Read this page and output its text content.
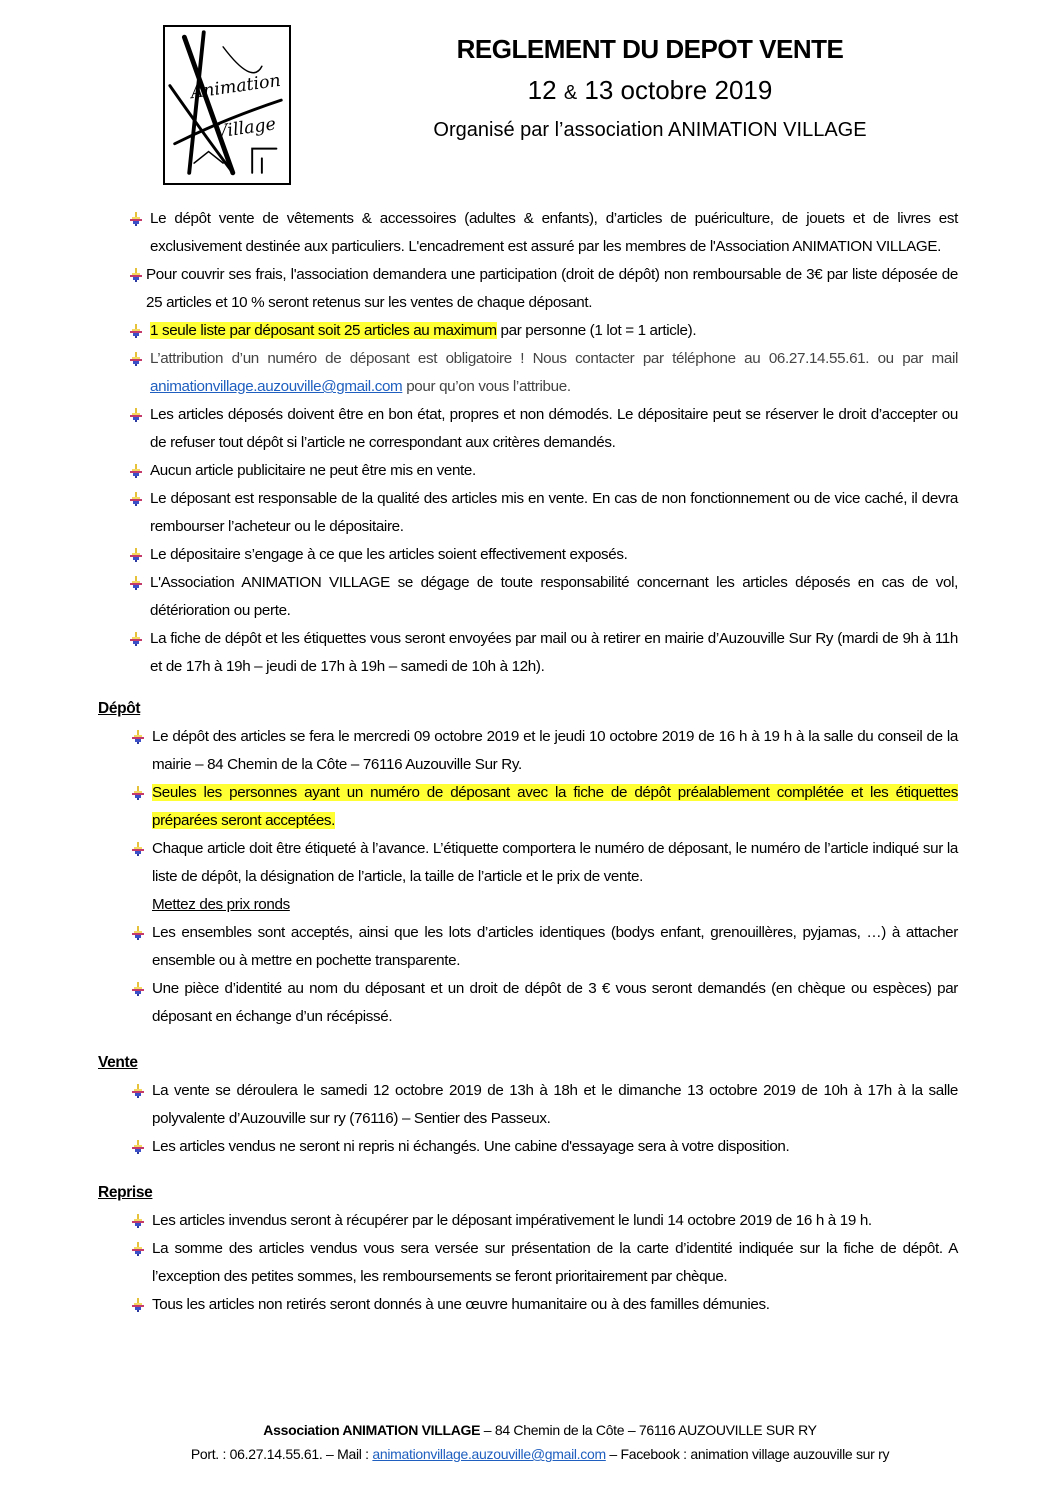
Animation
Village
REGLEMENT DU DEPOT VENTE
12 & 13 octobre 2019
Organisé par l’association ANIMATION VILLAGE
Le dépôt vente de vêtements & accessoires (adultes & enfants), d’articles de puériculture, de jouets et de livres est exclusivement destinée aux particuliers. L'encadrement est assuré par les membres de l'Association ANIMATION VILLAGE.
Pour couvrir ses frais, l'association demandera une participation (droit de dépôt) non remboursable de 3€ par liste déposée de 25 articles et 10 % seront retenus sur les ventes de chaque déposant.
1 seule liste par déposant soit 25 articles au maximum par personne (1 lot = 1 article).
L’attribution d’un numéro de déposant est obligatoire ! Nous contacter par téléphone au 06.27.14.55.61. ou par mail animationvillage.auzouville@gmail.com pour qu’on vous l’attribue.
Les articles déposés doivent être en bon état, propres et non démodés. Le dépositaire peut se réserver le droit d’accepter ou de refuser tout dépôt si l’article ne correspondant aux critères demandés.
Aucun article publicitaire ne peut être mis en vente.
Le déposant est responsable de la qualité des articles mis en vente. En cas de non fonctionnement ou de vice caché, il devra rembourser l’acheteur ou le dépositaire.
Le dépositaire s’engage à ce que les articles soient effectivement exposés.
L'Association ANIMATION VILLAGE se dégage de toute responsabilité concernant les articles déposés en cas de vol, détérioration ou perte.
La fiche de dépôt et les étiquettes vous seront envoyées par mail ou à retirer en mairie d’Auzouville Sur Ry (mardi de 9h à 11h et de 17h à 19h – jeudi de 17h à 19h – samedi de 10h à 12h).
Dépôt
Le dépôt des articles se fera le mercredi 09 octobre 2019 et le jeudi 10 octobre 2019 de 16 h à 19 h à la salle du conseil de la mairie – 84 Chemin de la Côte – 76116 Auzouville Sur Ry.
Seules les personnes ayant un numéro de déposant avec la fiche de dépôt préalablement complétée et les étiquettes préparées seront acceptées.
Chaque article doit être étiqueté à l’avance. L’étiquette comportera le numéro de déposant, le numéro de l’article indiqué sur la liste de dépôt, la désignation de l’article, la taille de l’article et le prix de vente.
Mettez des prix ronds
Les ensembles sont acceptés, ainsi que les lots d’articles identiques (bodys enfant, grenouillères, pyjamas, …) à attacher ensemble ou à mettre en pochette transparente.
Une pièce d’identité au nom du déposant et un droit de dépôt de 3 € vous seront demandés (en chèque ou espèces) par déposant en échange d’un récépissé.
Vente
La vente se déroulera le samedi 12 octobre 2019 de 13h à 18h et le dimanche 13 octobre 2019 de 10h à 17h à la salle polyvalente d’Auzouville sur ry (76116) – Sentier des Passeux.
Les articles vendus ne seront ni repris ni échangés. Une cabine d'essayage sera à votre disposition.
Reprise
Les articles invendus seront à récupérer par le déposant impérativement le lundi 14 octobre 2019 de 16 h à 19 h.
La somme des articles vendus vous sera versée sur présentation de la carte d’identité indiquée sur la fiche de dépôt. A l’exception des petites sommes, les remboursements se feront prioritairement par chèque.
Tous les articles non retirés seront donnés à une œuvre humanitaire ou à des familles démunies.
Association ANIMATION VILLAGE – 84 Chemin de la Côte – 76116 AUZOUVILLE SUR RY
Port. : 06.27.14.55.61. – Mail : animationvillage.auzouville@gmail.com – Facebook : animation village auzouville sur ry
